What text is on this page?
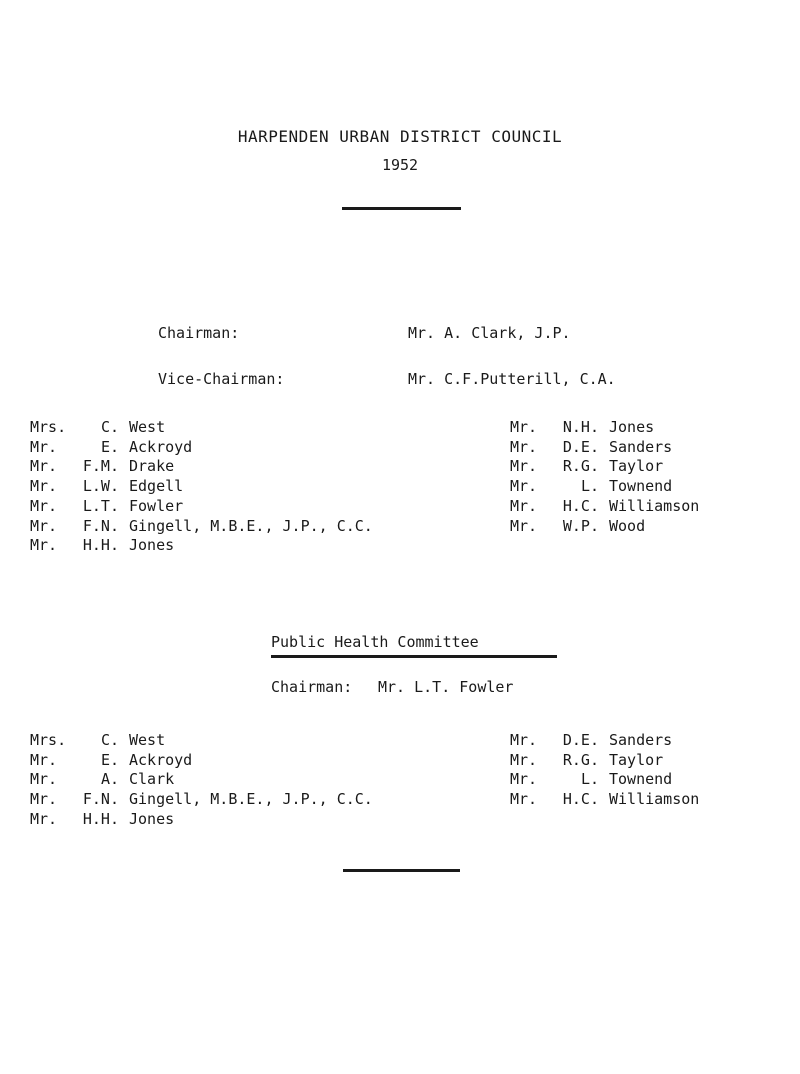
HARPENDEN URBAN DISTRICT COUNCIL
1952
Chairman:	Mr. A. Clark, J.P.
Vice-Chairman:	Mr. C.F.Putterill, C.A.
Mrs. C. West
Mr.	E. Ackroyd
Mr. F.M. Drake
Mr. L.W. Edgell
Mr. L.T. Fowler
Mr. F.N. Gingell, M.B.E., J.P., C.C.
Mr. H.H. Jones
Mr. N.H. Jones
Mr. D.E. Sanders
Mr. R.G. Taylor
Mr.	L. Townend
Mr. H.C. Williamson
Mr. W.P. Wood
Public Health Committee
Chairman: Mr. L.T. Fowler
Mrs. C. West
Mr.	E. Ackroyd
Mr.	A. Clark
Mr. F.N. Gingell, M.B.E., J.P., C.C.
Mr. H.H. Jones
Mr. D.E. Sanders
Mr. R.G. Taylor
Mr.	L. Townend
Mr. H.C. Williamson
